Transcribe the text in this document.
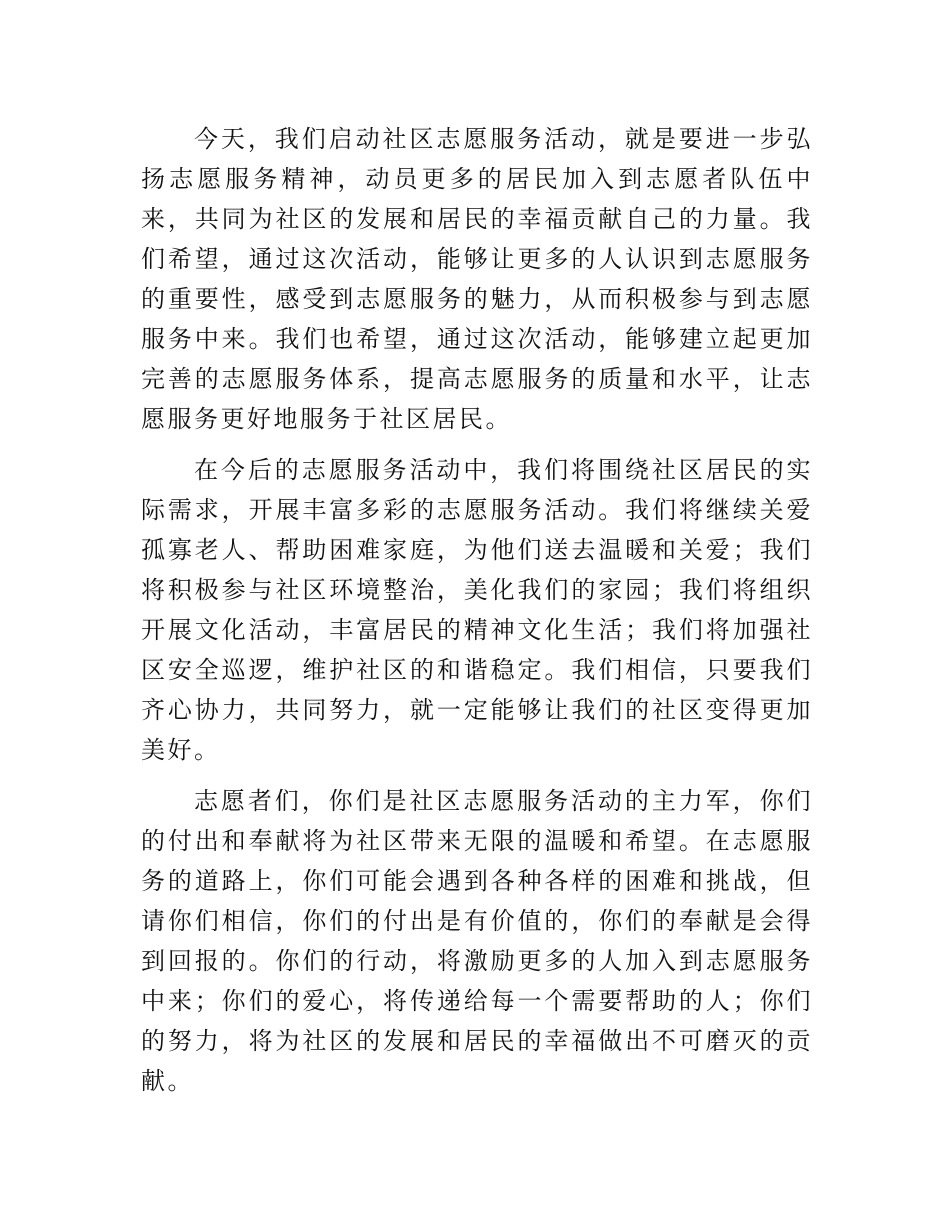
今天，我们启动社区志愿服务活动，就是要进一步弘扬志愿服务精神，动员更多的居民加入到志愿者队伍中来，共同为社区的发展和居民的幸福贡献自己的力量。我们希望，通过这次活动，能够让更多的人认识到志愿服务的重要性，感受到志愿服务的魅力，从而积极参与到志愿服务中来。我们也希望，通过这次活动，能够建立起更加完善的志愿服务体系，提高志愿服务的质量和水平，让志愿服务更好地服务于社区居民。

在今后的志愿服务活动中，我们将围绕社区居民的实际需求，开展丰富多彩的志愿服务活动。我们将继续关爱孤寡老人、帮助困难家庭，为他们送去温暖和关爱；我们将积极参与社区环境整治，美化我们的家园；我们将组织开展文化活动，丰富居民的精神文化生活；我们将加强社区安全巡逻，维护社区的和谐稳定。我们相信，只要我们齐心协力，共同努力，就一定能够让我们的社区变得更加美好。

志愿者们，你们是社区志愿服务活动的主力军，你们的付出和奉献将为社区带来无限的温暖和希望。在志愿服务的道路上，你们可能会遇到各种各样的困难和挑战，但请你们相信，你们的付出是有价值的，你们的奉献是会得到回报的。你们的行动，将激励更多的人加入到志愿服务中来；你们的爱心，将传递给每一个需要帮助的人；你们的努力，将为社区的发展和居民的幸福做出不可磨灭的贡献。
